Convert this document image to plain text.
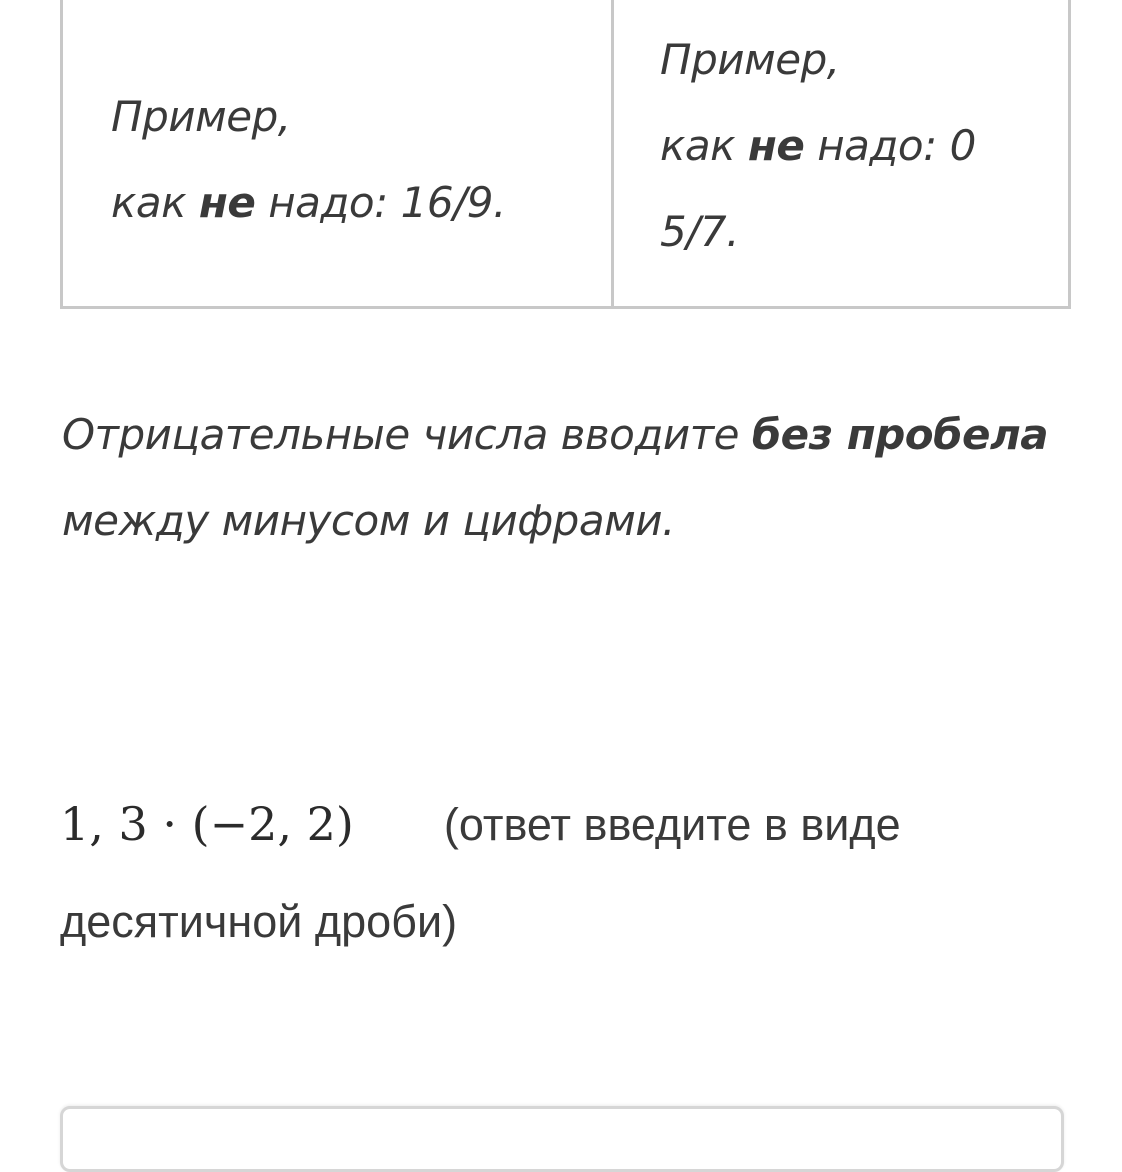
Пример,
как не надо: 16/9.

Пример,
как не надо: 0
5/7.

Отрицательные числа вводите без пробела между минусом и цифрами.

1, 3 · (−2, 2) (ответ введите в виде десятичной дроби)
